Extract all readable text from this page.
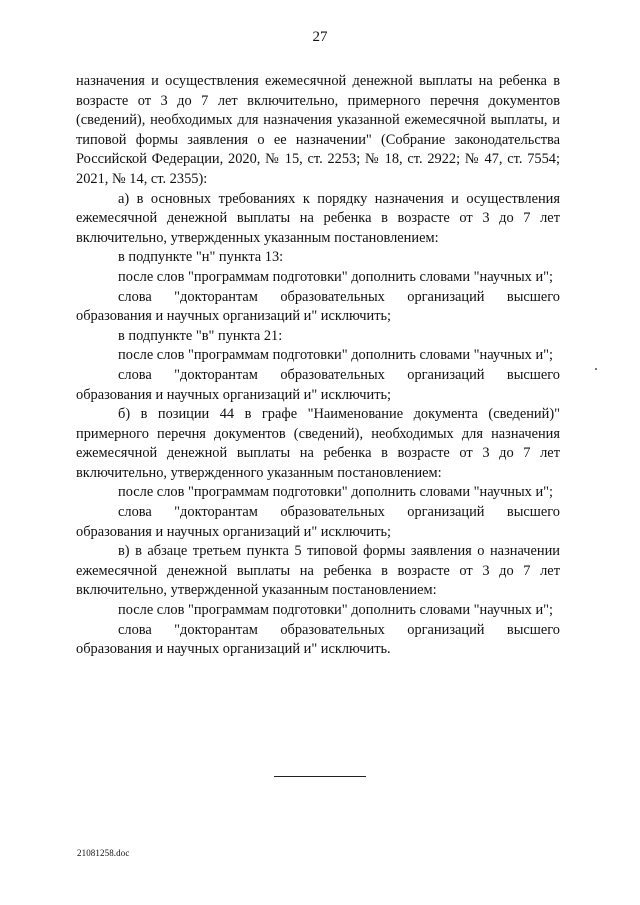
27

назначения и осуществления ежемесячной денежной выплаты на ребенка в возрасте от 3 до 7 лет включительно, примерного перечня документов (сведений), необходимых для назначения указанной ежемесячной выплаты, и типовой формы заявления о ее назначении" (Собрание законодательства Российской Федерации, 2020, № 15, ст. 2253; № 18, ст. 2922; № 47, ст. 7554; 2021, № 14, ст. 2355):

а) в основных требованиях к порядку назначения и осуществления ежемесячной денежной выплаты на ребенка в возрасте от 3 до 7 лет включительно, утвержденных указанным постановлением:

в подпункте "н" пункта 13:

после слов "программам подготовки" дополнить словами "научных и";

слова "докторантам образовательных организаций высшего образования и научных организаций и" исключить;

в подпункте "в" пункта 21:

после слов "программам подготовки" дополнить словами "научных и";

слова "докторантам образовательных организаций высшего образования и научных организаций и" исключить;

б) в позиции 44 в графе "Наименование документа (сведений)" примерного перечня документов (сведений), необходимых для назначения ежемесячной денежной выплаты на ребенка в возрасте от 3 до 7 лет включительно, утвержденного указанным постановлением:

после слов "программам подготовки" дополнить словами "научных и";

слова "докторантам образовательных организаций высшего образования и научных организаций и" исключить;

в) в абзаце третьем пункта 5 типовой формы заявления о назначении ежемесячной денежной выплаты на ребенка в возрасте от 3 до 7 лет включительно, утвержденной указанным постановлением:

после слов "программам подготовки" дополнить словами "научных и";

слова "докторантам образовательных организаций высшего образования и научных организаций и" исключить.

21081258.doc
